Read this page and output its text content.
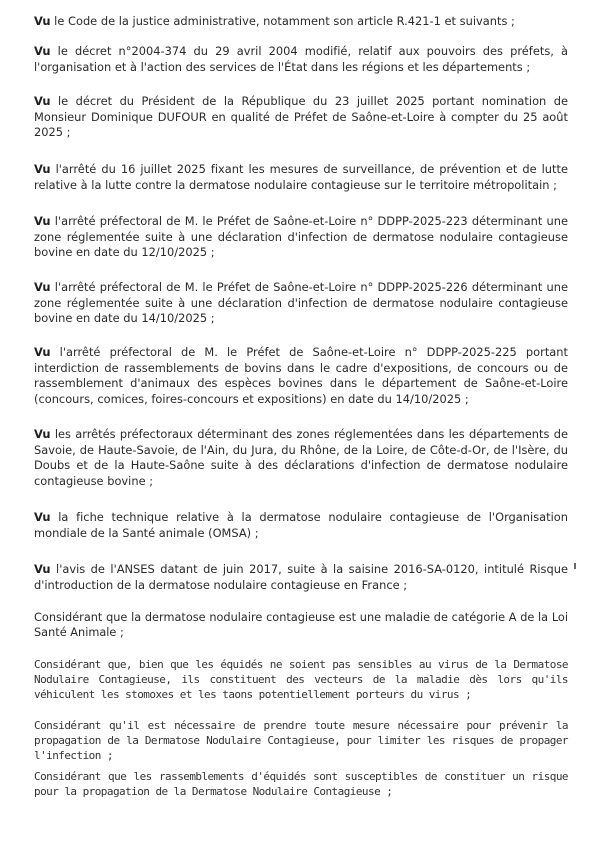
Vu le Code de la justice administrative, notamment son article R.421-1 et suivants ;

Vu le décret n°2004-374 du 29 avril 2004 modifié, relatif aux pouvoirs des préfets, à l'organisation et à l'action des services de l'État dans les régions et les départements ;

Vu le décret du Président de la République du 23 juillet 2025 portant nomination de Monsieur Dominique DUFOUR en qualité de Préfet de Saône-et-Loire à compter du 25 août 2025 ;

Vu l'arrêté du 16 juillet 2025 fixant les mesures de surveillance, de prévention et de lutte relative à la lutte contre la dermatose nodulaire contagieuse sur le territoire métropolitain ;

Vu l'arrêté préfectoral de M. le Préfet de Saône-et-Loire n° DDPP-2025-223 déterminant une zone réglementée suite à une déclaration d'infection de dermatose nodulaire contagieuse bovine en date du 12/10/2025 ;

Vu l'arrêté préfectoral de M. le Préfet de Saône-et-Loire n° DDPP-2025-226 déterminant une zone réglementée suite à une déclaration d'infection de dermatose nodulaire contagieuse bovine en date du 14/10/2025 ;

Vu l'arrêté préfectoral de M. le Préfet de Saône-et-Loire n° DDPP-2025-225 portant interdiction de rassemblements de bovins dans le cadre d'expositions, de concours ou de rassemblement d'animaux des espèces bovines dans le département de Saône-et-Loire (concours, comices, foires-concours et expositions) en date du 14/10/2025 ;

Vu les arrêtés préfectoraux déterminant des zones réglementées dans les départements de Savoie, de Haute-Savoie, de l'Ain, du Jura, du Rhône, de la Loire, de Côte-d-Or, de l'Isère, du Doubs et de la Haute-Saône suite à des déclarations d'infection de dermatose nodulaire contagieuse bovine ;

Vu la fiche technique relative à la dermatose nodulaire contagieuse de l'Organisation mondiale de la Santé animale (OMSA) ;

Vu l'avis de l'ANSES datant de juin 2017, suite à la saisine 2016-SA-0120, intitulé Risque d'introduction de la dermatose nodulaire contagieuse en France ;

Considérant que la dermatose nodulaire contagieuse est une maladie de catégorie A de la Loi Santé Animale ;

Considérant que, bien que les équidés ne soient pas sensibles au virus de la Dermatose Nodulaire Contagieuse, ils constituent des vecteurs de la maladie dès lors qu'ils véhiculent les stomoxes et les taons potentiellement porteurs du virus ;

Considérant qu'il est nécessaire de prendre toute mesure nécessaire pour prévenir la propagation de la Dermatose Nodulaire Contagieuse, pour limiter les risques de propager l'infection ;

Considérant que les rassemblements d'équidés sont susceptibles de constituer un risque pour la propagation de la Dermatose Nodulaire Contagieuse ;
